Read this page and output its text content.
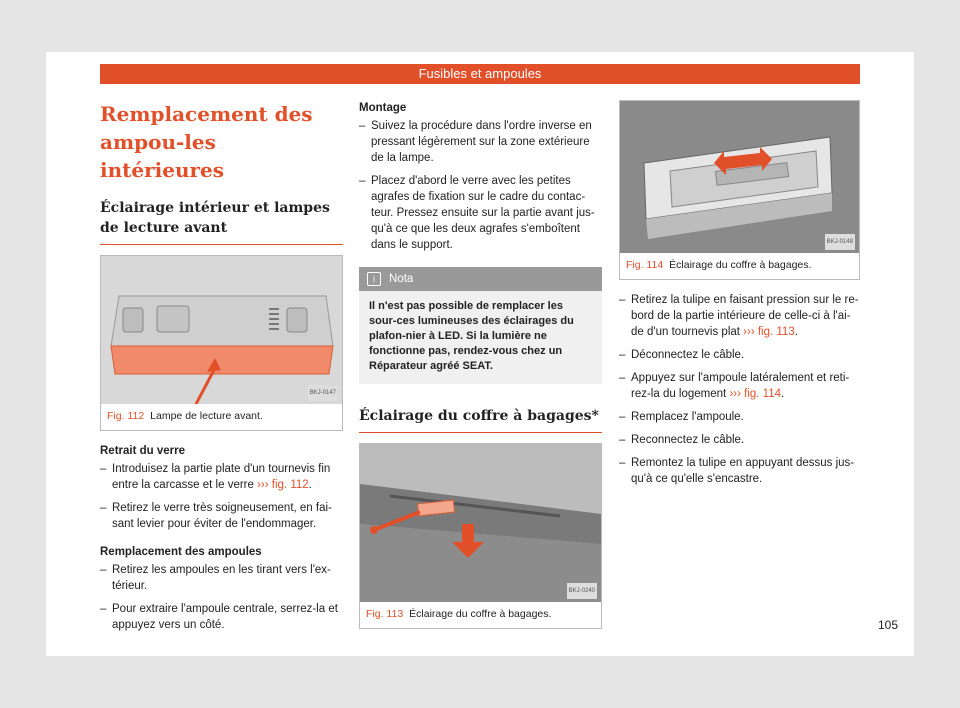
Fusibles et ampoules
Remplacement des ampou-les intérieures
Éclairage intérieur et lampes de lecture avant
BKJ-0147
Fig. 112 Lampe de lecture avant.
Retrait du verre
– Introduisez la partie plate d'un tournevis fin entre la carcasse et le verre ››› fig. 112.
– Retirez le verre très soigneusement, en fai-sant levier pour éviter de l'endommager.
Remplacement des ampoules
– Retirez les ampoules en les tirant vers l'ex-térieur.
– Pour extraire l'ampoule centrale, serrez-la et appuyez vers un côté.
Montage
– Suivez la procédure dans l'ordre inverse en pressant légèrement sur la zone extérieure de la lampe.
– Placez d'abord le verre avec les petites agrafes de fixation sur le cadre du contac-teur. Pressez ensuite sur la partie avant jus-qu'à ce que les deux agrafes s'emboîtent dans le support.
i	Nota
Il n'est pas possible de remplacer les sour-ces lumineuses des éclairages du plafon-nier à LED. Si la lumière ne fonctionne pas, rendez-vous chez un Réparateur agréé SEAT.
Éclairage du coffre à bagages*
BKJ-0240
Fig. 113 Éclairage du coffre à bagages.
BKJ-0148
Fig. 114 Éclairage du coffre à bagages.
– Retirez la tulipe en faisant pression sur le re-bord de la partie intérieure de celle-ci à l'ai-de d'un tournevis plat ››› fig. 113.
– Déconnectez le câble.
– Appuyez sur l'ampoule latéralement et reti-rez-la du logement ››› fig. 114.
– Remplacez l'ampoule.
– Reconnectez le câble.
– Remontez la tulipe en appuyant dessus jus-qu'à ce qu'elle s'encastre.
105
